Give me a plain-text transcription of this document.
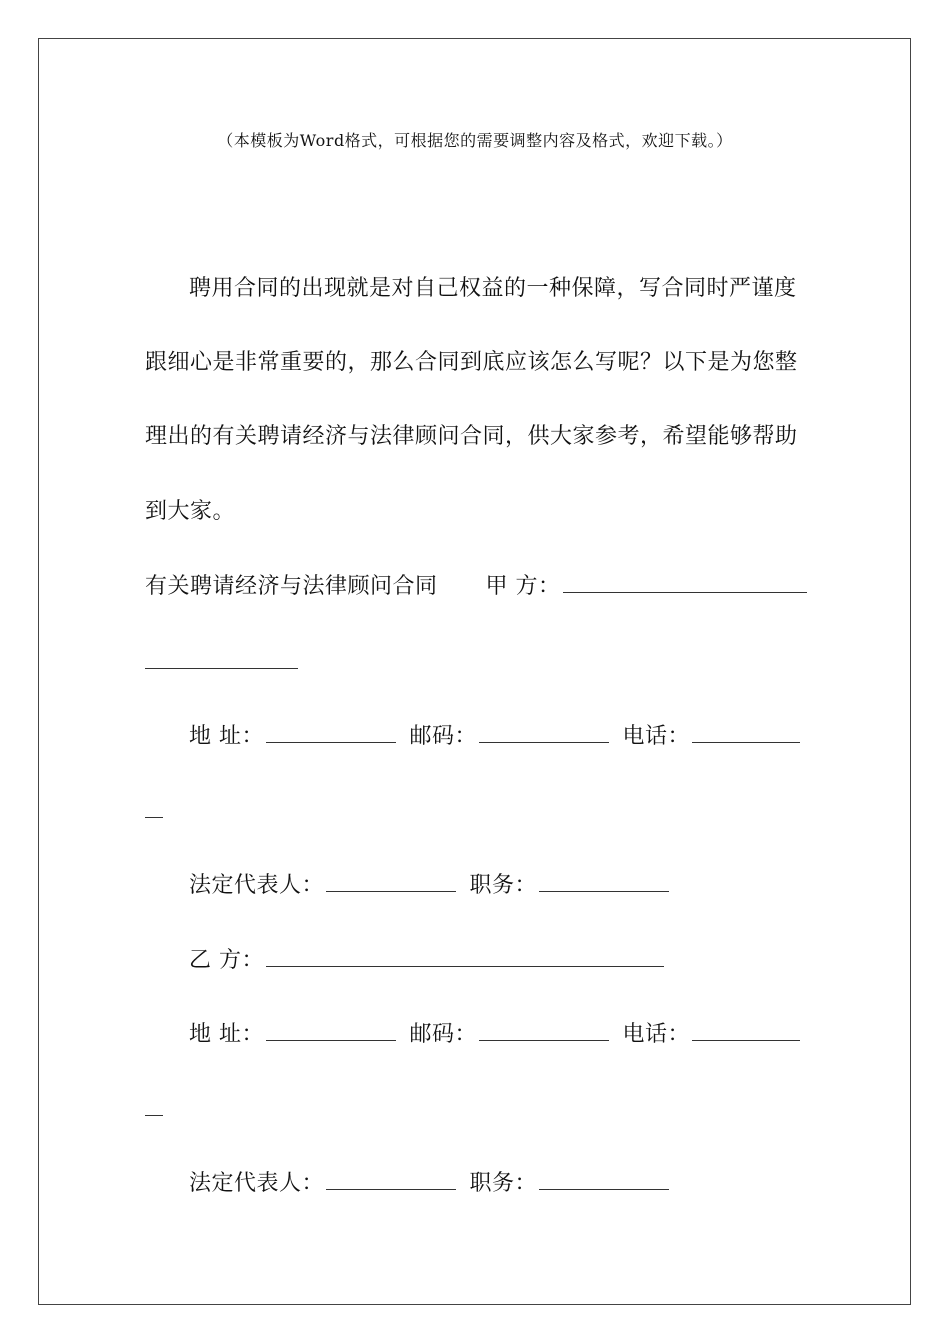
（本模板为Word格式，可根据您的需要调整内容及格式，欢迎下载。）
聘用合同的出现就是对自己权益的一种保障，写合同时严谨度
跟细心是非常重要的，那么合同到底应该怎么写呢？以下是为您整
理出的有关聘请经济与法律顾问合同，供大家参考，希望能够帮助
到大家。
有关聘请经济与法律顾问合同 甲 方：
地 址：	邮码：	电话：
法定代表人：	职务：
乙 方：
地 址：	邮码：	电话：
法定代表人：	职务：
